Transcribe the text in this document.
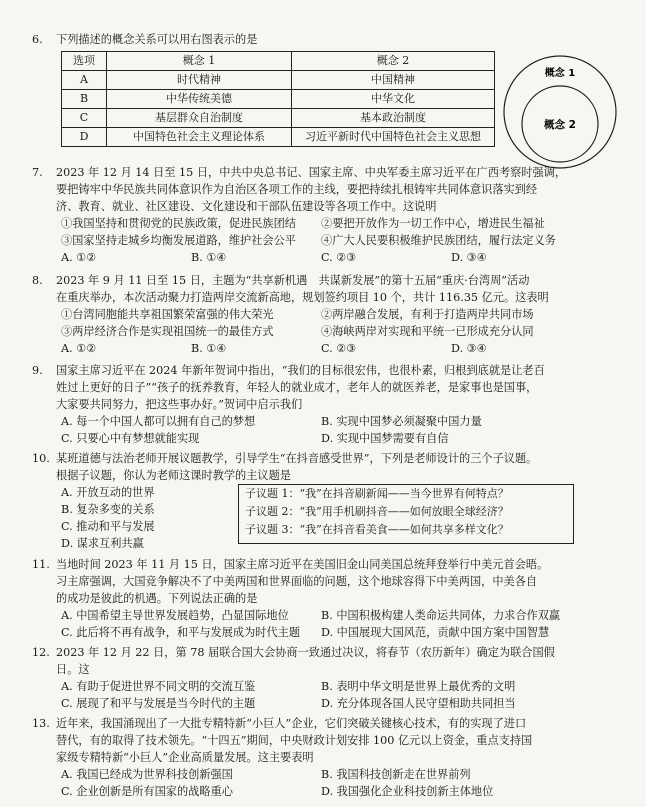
6. 下列描述的概念关系可以用右图表示的是
选项	概念 1	概念 2
A	时代精神	中国精神
B	中华传统美德	中华文化
C	基层群众自治制度	基本政治制度
D	中国特色社会主义理论体系	习近平新时代中国特色社会主义思想
概念 1
概念 2
7. 2023 年 12 月 14 日至 15 日，中共中央总书记、国家主席、中央军委主席习近平在广西考察时强调，
要把铸牢中华民族共同体意识作为自治区各项工作的主线，要把持续扎根铸牢共同体意识落实到经
济、教育、就业、社区建设、文化建设和干部队伍建设等各项工作中。这说明
①我国坚持和贯彻党的民族政策，促进民族团结	②要把开放作为一切工作中心，增进民生福祉
③国家坚持走城乡均衡发展道路，维护社会公平	④广大人民要积极维护民族团结，履行法定义务
A. ①②	B. ①④	C. ②③	D. ③④
8. 2023 年 9 月 11 日至 15 日，主题为“共享新机遇　共谋新发展”的第十五届“重庆·台湾周”活动
在重庆举办，本次活动聚力打造两岸交流新高地，规划签约项目 10 个，共计 116.35 亿元。这表明
①台湾同胞能共享祖国繁荣富强的伟大荣光	②两岸融合发展，有利于打造两岸共同市场
③两岸经济合作是实现祖国统一的最佳方式	④海峡两岸对实现和平统一已形成充分认同
A. ①②	B. ①④	C. ②③	D. ③④
9. 国家主席习近平在 2024 年新年贺词中指出，“我们的目标很宏伟，也很朴素，归根到底就是让老百
姓过上更好的日子”“孩子的抚养教育，年轻人的就业成才，老年人的就医养老，是家事也是国事，
大家要共同努力，把这些事办好。”贺词中启示我们
A. 每一个中国人都可以拥有自己的梦想	B. 实现中国梦必须凝聚中国力量
C. 只要心中有梦想就能实现	D. 实现中国梦需要有自信
10. 某班道德与法治老师开展议题教学，引导学生“在抖音感受世界”，下列是老师设计的三个子议题。
根据子议题，你认为老师这课时教学的主议题是
A. 开放互动的世界
B. 复杂多变的关系
C. 推动和平与发展
D. 谋求互利共赢
子议题 1：“我”在抖音刷新闻——当今世界有何特点？
子议题 2：“我”用手机刷抖音——如何放眼全球经济？
子议题 3：“我”在抖音看美食——如何共享多样文化？
11. 当地时间 2023 年 11 月 15 日，国家主席习近平在美国旧金山同美国总统拜登举行中美元首会晤。
习主席强调，大国竞争解决不了中美两国和世界面临的问题，这个地球容得下中美两国，中美各自
的成功是彼此的机遇。下列说法正确的是
A. 中国希望主导世界发展趋势，凸显国际地位	B. 中国积极构建人类命运共同体，力求合作双赢
C. 此后将不再有战争，和平与发展成为时代主题	D. 中国展现大国风范，贡献中国方案中国智慧
12. 2023 年 12 月 22 日，第 78 届联合国大会协商一致通过决议，将春节（农历新年）确定为联合国假
日。这
A. 有助于促进世界不同文明的交流互鉴	B. 表明中华文明是世界上最优秀的文明
C. 展现了和平与发展是当今时代的主题	D. 充分体现各国人民守望相助共同担当
13. 近年来，我国涌现出了一大批专精特新“小巨人”企业，它们突破关键核心技术，有的实现了进口
替代，有的取得了技术领先。“十四五”期间，中央财政计划安排 100 亿元以上资金，重点支持国
家级专精特新“小巨人”企业高质量发展。这主要表明
A. 我国已经成为世界科技创新强国	B. 我国科技创新走在世界前列
C. 企业创新是所有国家的战略重心	D. 我国强化企业科技创新主体地位
